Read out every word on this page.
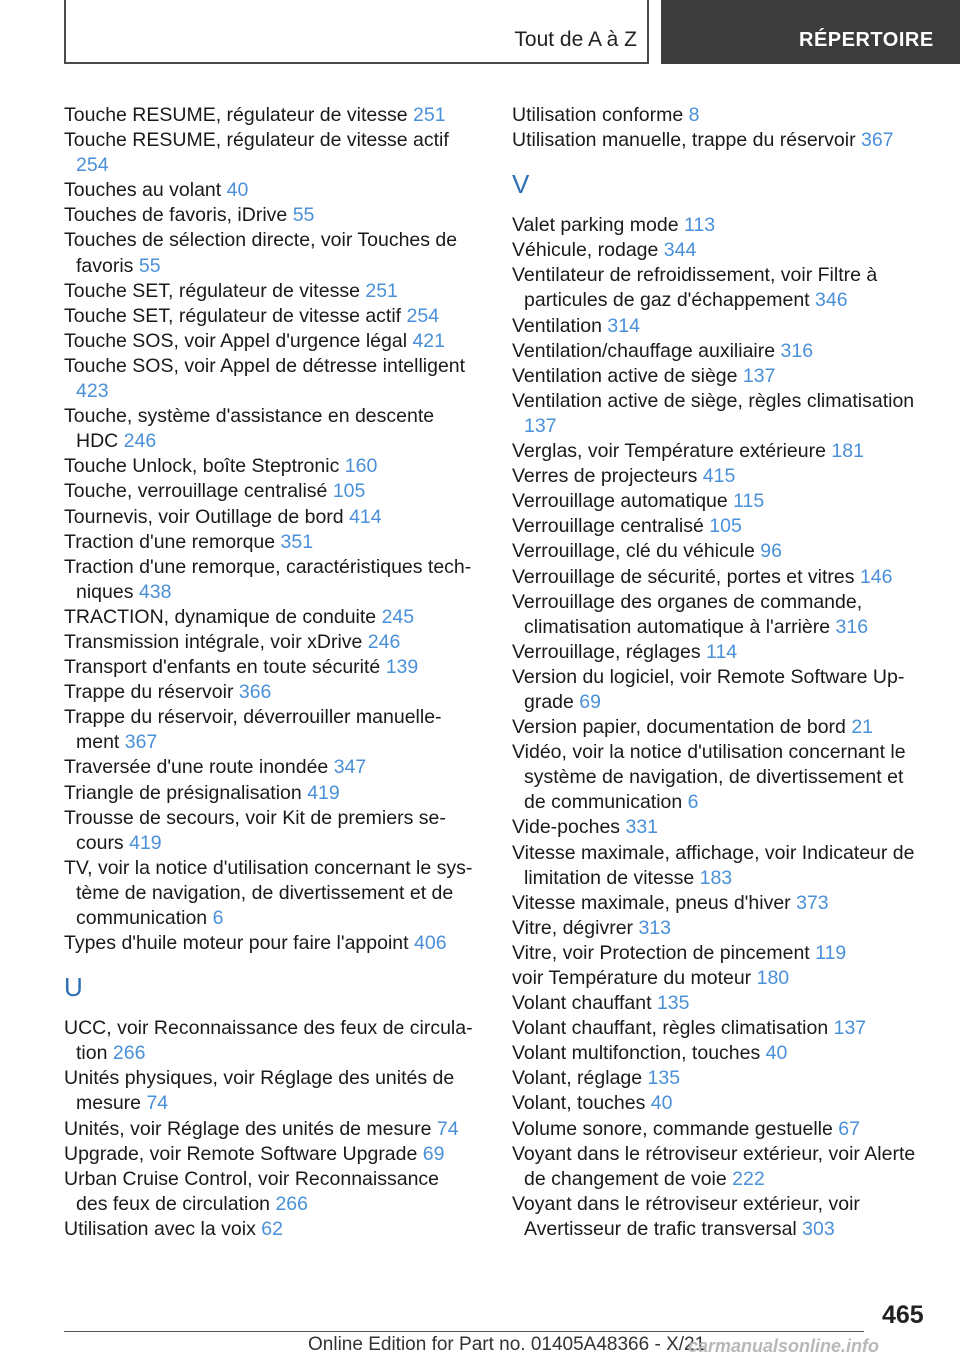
Tout de A à Z	RÉPERTOIRE
Touche RESUME, régulateur de vitesse 251
Touche RESUME, régulateur de vitesse actif 254
Touches au volant 40
Touches de favoris, iDrive 55
Touches de sélection directe, voir Touches de favoris 55
Touche SET, régulateur de vitesse 251
Touche SET, régulateur de vitesse actif 254
Touche SOS, voir Appel d'urgence légal 421
Touche SOS, voir Appel de détresse intelligent 423
Touche, système d'assistance en descente HDC 246
Touche Unlock, boîte Steptronic 160
Touche, verrouillage centralisé 105
Tournevis, voir Outillage de bord 414
Traction d'une remorque 351
Traction d'une remorque, caractéristiques techniques 438
TRACTION, dynamique de conduite 245
Transmission intégrale, voir xDrive 246
Transport d'enfants en toute sécurité 139
Trappe du réservoir 366
Trappe du réservoir, déverrouiller manuellement 367
Traversée d'une route inondée 347
Triangle de présignalisation 419
Trousse de secours, voir Kit de premiers secours 419
TV, voir la notice d'utilisation concernant le système de navigation, de divertissement et de communication 6
Types d'huile moteur pour faire l'appoint 406
U
UCC, voir Reconnaissance des feux de circulation 266
Unités physiques, voir Réglage des unités de mesure 74
Unités, voir Réglage des unités de mesure 74
Upgrade, voir Remote Software Upgrade 69
Urban Cruise Control, voir Reconnaissance des feux de circulation 266
Utilisation avec la voix 62
Utilisation conforme 8
Utilisation manuelle, trappe du réservoir 367
V
Valet parking mode 113
Véhicule, rodage 344
Ventilateur de refroidissement, voir Filtre à particules de gaz d'échappement 346
Ventilation 314
Ventilation/chauffage auxiliaire 316
Ventilation active de siège 137
Ventilation active de siège, règles climatisation 137
Verglas, voir Température extérieure 181
Verres de projecteurs 415
Verrouillage automatique 115
Verrouillage centralisé 105
Verrouillage, clé du véhicule 96
Verrouillage de sécurité, portes et vitres 146
Verrouillage des organes de commande, climatisation automatique à l'arrière 316
Verrouillage, réglages 114
Version du logiciel, voir Remote Software Upgrade 69
Version papier, documentation de bord 21
Vidéo, voir la notice d'utilisation concernant le système de navigation, de divertissement et de communication 6
Vide-poches 331
Vitesse maximale, affichage, voir Indicateur de limitation de vitesse 183
Vitesse maximale, pneus d'hiver 373
Vitre, dégivrer 313
Vitre, voir Protection de pincement 119
voir Température du moteur 180
Volant chauffant 135
Volant chauffant, règles climatisation 137
Volant multifonction, touches 40
Volant, réglage 135
Volant, touches 40
Volume sonore, commande gestuelle 67
Voyant dans le rétroviseur extérieur, voir Alerte de changement de voie 222
Voyant dans le rétroviseur extérieur, voir Avertisseur de trafic transversal 303
465
Online Edition for Part no. 01405A48366 - X/21
carmanualsonline.info
